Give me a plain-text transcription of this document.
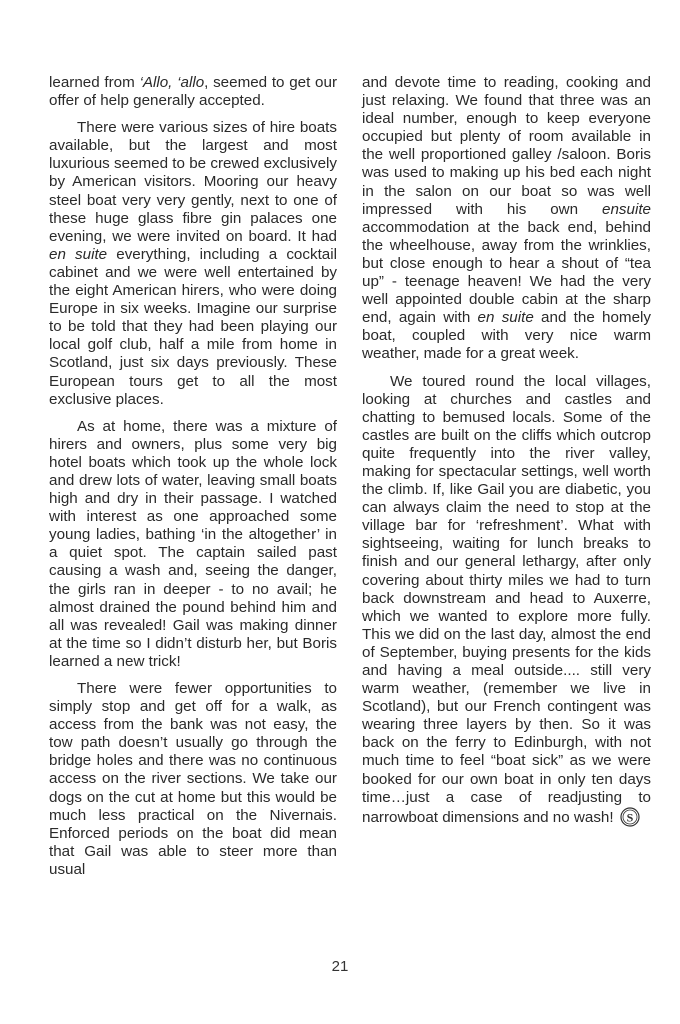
learned from ‘Allo, ‘allo, seemed to get our offer of help generally accepted.

There were various sizes of hire boats available, but the largest and most luxurious seemed to be crewed exclusively by American visitors. Mooring our heavy steel boat very very gently, next to one of these huge glass fibre gin palaces one evening, we were invited on board. It had en suite everything, including a cocktail cabinet and we were well entertained by the eight American hirers, who were doing Europe in six weeks. Imagine our surprise to be told that they had been playing our local golf club, half a mile from home in Scotland, just six days previously. These European tours get to all the most exclusive places.

As at home, there was a mixture of hirers and owners, plus some very big hotel boats which took up the whole lock and drew lots of water, leaving small boats high and dry in their passage. I watched with interest as one approached some young ladies, bathing ‘in the altogether’ in a quiet spot. The captain sailed past causing a wash and, seeing the danger, the girls ran in deeper - to no avail; he almost drained the pound behind him and all was revealed! Gail was making dinner at the time so I didn’t disturb her, but Boris learned a new trick!

There were fewer opportunities to simply stop and get off for a walk, as access from the bank was not easy, the tow path doesn’t usually go through the bridge holes and there was no continuous access on the river sections. We take our dogs on the cut at home but this would be much less practical on the Nivernais. Enforced periods on the boat did mean that Gail was able to steer more than usual

and devote time to reading, cooking and just relaxing. We found that three was an ideal number, enough to keep everyone occupied but plenty of room available in the well proportioned galley /saloon. Boris was used to making up his bed each night in the salon on our boat so was well impressed with his own ensuite accommodation at the back end, behind the wheelhouse, away from the wrinklies, but close enough to hear a shout of “tea up” - teenage heaven! We had the very well appointed double cabin at the sharp end, again with en suite and the homely boat, coupled with very nice warm weather, made for a great week.

We toured round the local villages, looking at churches and castles and chatting to bemused locals. Some of the castles are built on the cliffs which outcrop quite frequently into the river valley, making for spectacular settings, well worth the climb. If, like Gail you are diabetic, you can always claim the need to stop at the village bar for ‘refreshment’. What with sightseeing, waiting for lunch breaks to finish and our general lethargy, after only covering about thirty miles we had to turn back downstream and head to Auxerre, which we wanted to explore more fully. This we did on the last day, almost the end of September, buying presents for the kids and having a meal outside.... still very warm weather, (remember we live in Scotland), but our French contingent was wearing three layers by then. So it was back on the ferry to Edinburgh, with not much time to feel “boat sick” as we were booked for our own boat in only ten days time…just a case of readjusting to narrowboat dimensions and no wash! S

21
